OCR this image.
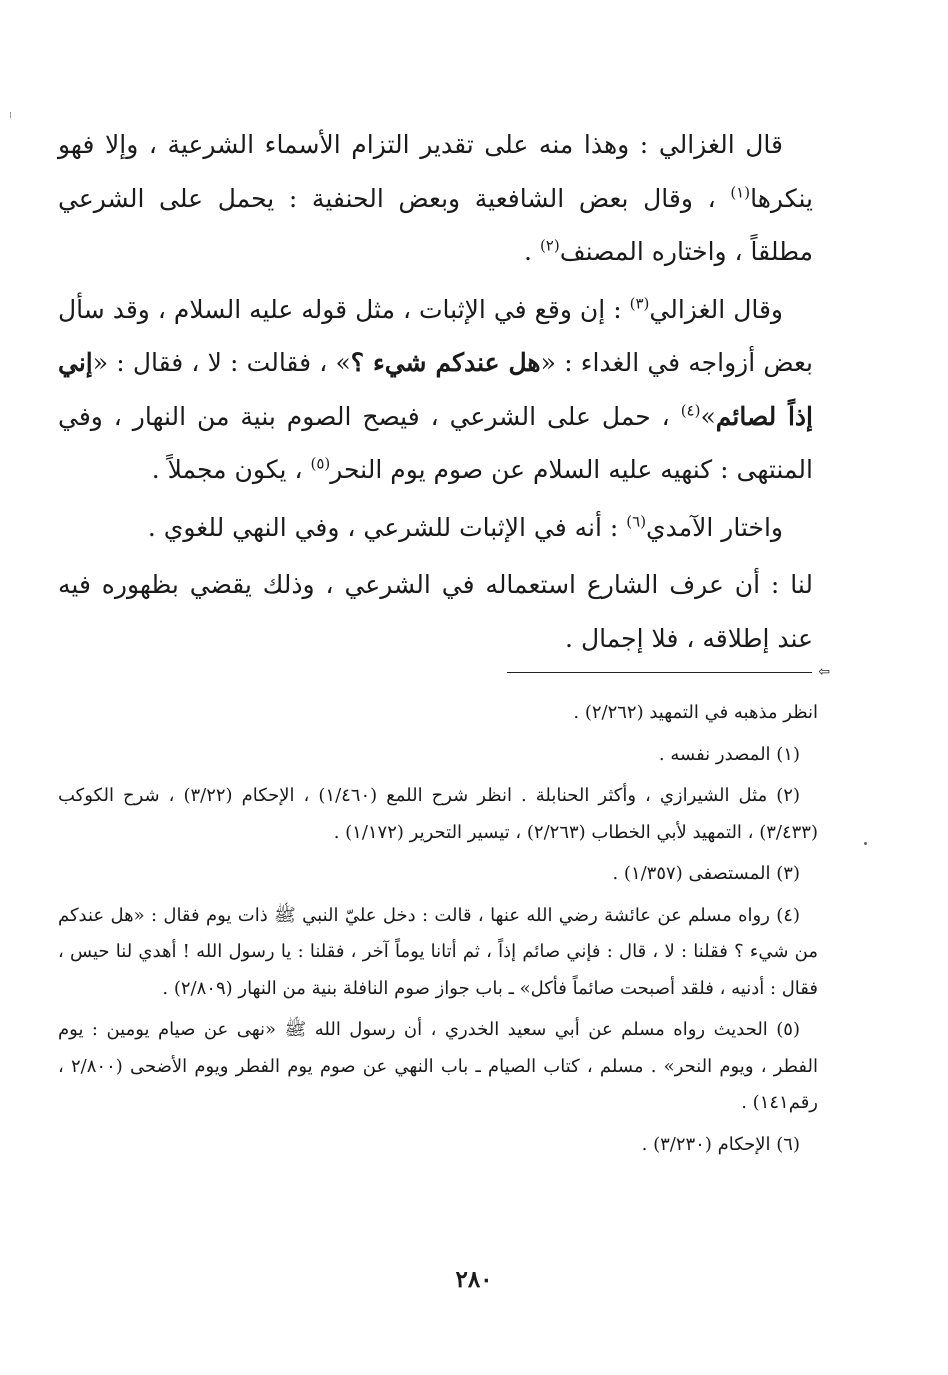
قال الغزالي : وهذا منه على تقدير التزام الأسماء الشرعية ، وإلا فهو ينكرها$^{(١)}$ ، وقال بعض الشافعية وبعض الحنفية : يحمل على الشرعي مطلقاً ، واختاره المصنف$^{(٢)}$ .

وقال الغزالي$^{(٣)}$ : إن وقع في الإثبات ، مثل قوله عليه السلام ، وقد سأل بعض أزواجه في الغداء : «هل عندكم شيء ؟» ، فقالت : لا ، فقال : «إني إذاً لصائم»$^{(٤)}$ ، حمل على الشرعي ، فيصح الصوم بنية من النهار ، وفي المنتهى : كنهيه عليه السلام عن صوم يوم النحر$^{(٥)}$ ، يكون مجملاً .

واختار الآمدي$^{(٦)}$ : أنه في الإثبات للشرعي ، وفي النهي للغوي .

لنا : أن عرف الشارع استعماله في الشرعي ، وذلك يقضي بظهوره فيه عند إطلاقه ، فلا إجمال .

⇦

انظر مذهبه في التمهيد (٢/٢٦٢) .

(١) المصدر نفسه .

(٢) مثل الشيرازي ، وأكثر الحنابلة . انظر شرح اللمع (١/٤٦٠) ، الإحكام (٣/٢٢) ، شرح الكوكب (٣/٤٣٣) ، التمهيد لأبي الخطاب (٢/٢٦٣) ، تيسير التحرير (١/١٧٢) .

(٣) المستصفى (١/٣٥٧) .

(٤) رواه مسلم عن عائشة رضي الله عنها ، قالت : دخل عليّ النبي ﷺ ذات يوم فقال : «هل عندكم من شيء ؟ فقلنا : لا ، قال : فإني صائم إذاً ، ثم أتانا يوماً آخر ، فقلنا : يا رسول الله ! أهدي لنا حيس ، فقال : أدنيه ، فلقد أصبحت صائماً فأكل» ـ باب جواز صوم النافلة بنية من النهار (٢/٨٠٩) .

(٥) الحديث رواه مسلم عن أبي سعيد الخدري ، أن رسول الله ﷺ «نهى عن صيام يومين : يوم الفطر ، ويوم النحر» . مسلم ، كتاب الصيام ـ باب النهي عن صوم يوم الفطر ويوم الأضحى (٢/٨٠٠ ، رقم١٤١) .

(٦) الإحكام (٣/٢٣٠) .

٢٨٠
